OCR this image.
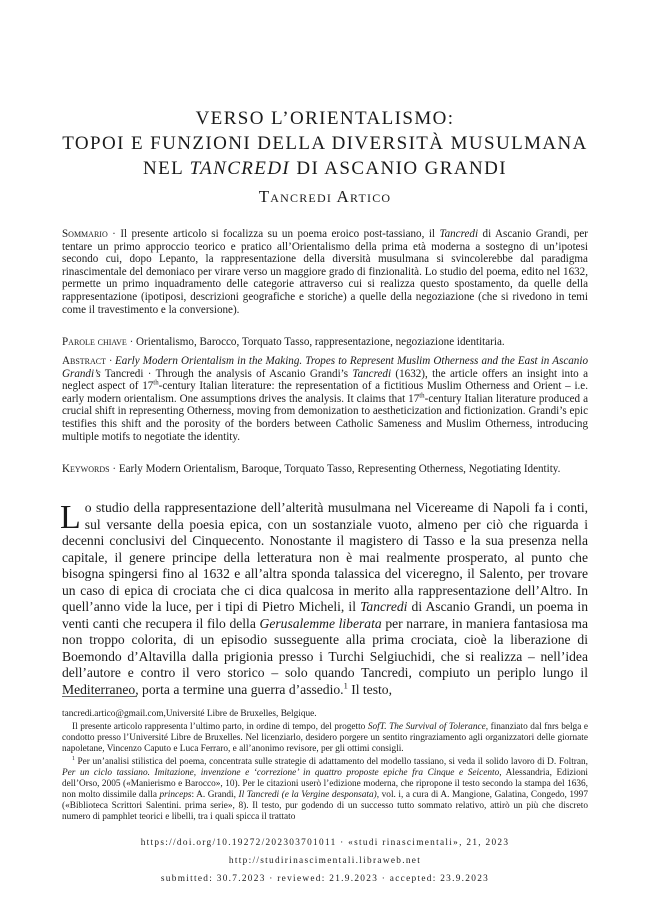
VERSO L’ORIENTALISMO:
TOPOI E FUNZIONI DELLA DIVERSITÀ MUSULMANA
NEL TANCREDI DI ASCANIO GRANDI
Tancredi Artico
Sommario · Il presente articolo si focalizza su un poema eroico post-tassiano, il Tancredi di Ascanio Grandi, per tentare un primo approccio teorico e pratico all’Orientalismo della prima età moderna a sostegno di un’ipotesi secondo cui, dopo Lepanto, la rappresentazione della diversità musulmana si svincolerebbe dal paradigma rinascimentale del demoniaco per virare verso un maggiore grado di finzionalità. Lo studio del poema, edito nel 1632, permette un primo inquadramento delle categorie attraverso cui si realizza questo spostamento, da quelle della rappresentazione (ipotiposi, descrizioni geografiche e storiche) a quelle della negoziazione (che si rivedono in temi come il travestimento e la conversione).
Parole chiave · Orientalismo, Barocco, Torquato Tasso, rappresentazione, negoziazione identitaria.
Abstract · Early Modern Orientalism in the Making. Tropes to Represent Muslim Otherness and the East in Ascanio Grandi’s Tancredi · Through the analysis of Ascanio Grandi’s Tancredi (1632), the article offers an insight into a neglect aspect of 17th-century Italian literature: the representation of a fictitious Muslim Otherness and Orient – i.e. early modern orientalism. One assumptions drives the analysis. It claims that 17th-century Italian literature produced a crucial shift in representing Otherness, moving from demonization to aestheticization and fictionization. Grandi’s epic testifies this shift and the porosity of the borders between Catholic Sameness and Muslim Otherness, introducing multiple motifs to negotiate the identity.
Keywords · Early Modern Orientalism, Baroque, Torquato Tasso, Representing Otherness, Negotiating Identity.
Lo studio della rappresentazione dell’alterità musulmana nel Vicereame di Napoli fa i conti, sul versante della poesia epica, con un sostanziale vuoto, almeno per ciò che riguarda i decenni conclusivi del Cinquecento. Nonostante il magistero di Tasso e la sua presenza nella capitale, il genere principe della letteratura non è mai realmente prosperato, al punto che bisogna spingersi fino al 1632 e all’altra sponda talassica del viceregno, il Salento, per trovare un caso di epica di crociata che ci dica qualcosa in merito alla rappresentazione dell’Altro. In quell’anno vide la luce, per i tipi di Pietro Micheli, il Tancredi di Ascanio Grandi, un poema in venti canti che recupera il filo della Gerusalemme liberata per narrare, in maniera fantasiosa ma non troppo colorita, di un episodio susseguente alla prima crociata, cioè la liberazione di Boemondo d’Altavilla dalla prigionia presso i Turchi Selgiuchidi, che si realizza – nell’idea dell’autore e contro il vero storico – solo quando Tancredi, compiuto un periplo lungo il Mediterraneo, porta a termine una guerra d’assedio.$^1$ Il testo,
tancredi.artico@gmail.com,Université Libre de Bruxelles, Belgique.
Il presente articolo rappresenta l’ultimo parto, in ordine di tempo, del progetto SofT. The Survival of Tolerance, finanziato dal fnrs belga e condotto presso l’Université Libre de Bruxelles. Nel licenziarlo, desidero porgere un sentito ringraziamento agli organizzatori delle giornate napoletane, Vincenzo Caputo e Luca Ferraro, e all’anonimo revisore, per gli ottimi consigli.
$^1$ Per un’analisi stilistica del poema, concentrata sulle strategie di adattamento del modello tassiano, si veda il solido lavoro di D. Foltran, Per un ciclo tassiano. Imitazione, invenzione e ‘correzione’ in quattro proposte epiche fra Cinque e Seicento, Alessandria, Edizioni dell’Orso, 2005 («Manierismo e Barocco», 10). Per le citazioni userò l’edizione moderna, che ripropone il testo secondo la stampa del 1636, non molto dissimile dalla princeps: A. Grandi, Il Tancredi (e la Vergine desponsata), vol. i, a cura di A. Mangione, Galatina, Congedo, 1997 («Biblioteca Scrittori Salentini. prima serie», 8). Il testo, pur godendo di un successo tutto sommato relativo, attirò un più che discreto numero di pamphlet teorici e libelli, tra i quali spicca il trattato
https://doi.org/10.19272/202303701011 · «studi rinascimentali», 21, 2023
http://studirinascimentali.libraweb.net
submitted: 30.7.2023 · reviewed: 21.9.2023 · accepted: 23.9.2023
